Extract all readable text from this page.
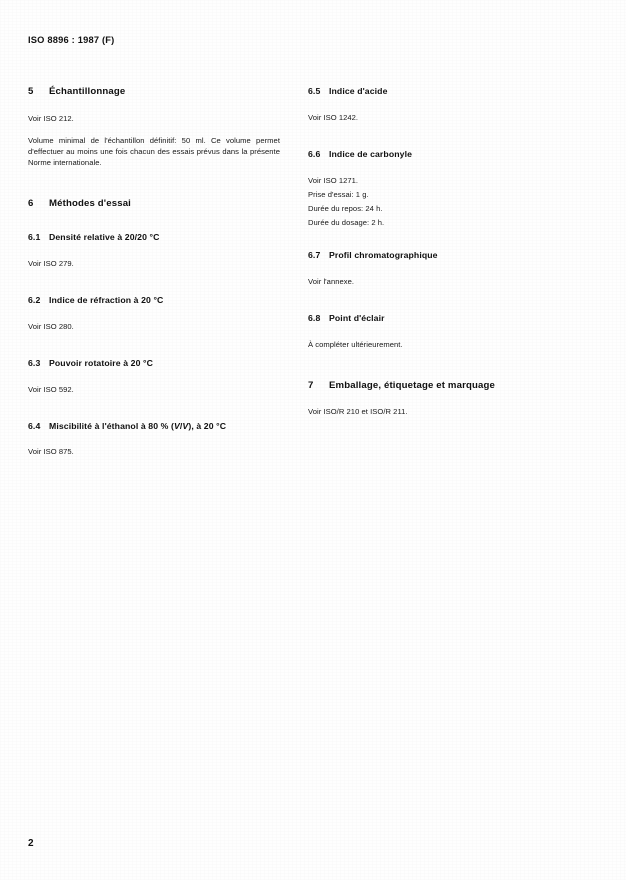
ISO 8896 : 1987 (F)
5	Échantillonnage

Voir ISO 212.

Volume minimal de l'échantillon définitif: 50 ml. Ce volume permet d'effectuer au moins une fois chacun des essais prévus dans la présente Norme internationale.

6	Méthodes d'essai
6.1 Densité relative à 20/20 °C

Voir ISO 279.

6.2 Indice de réfraction à 20 °C

Voir ISO 280.

6.3 Pouvoir rotatoire à 20 °C

Voir ISO 592.

6.4 Miscibilité à l'éthanol à 80 % (V/V), à 20 °C

Voir ISO 875.

6.5 Indice d'acide

Voir ISO 1242.

6.6 Indice de carbonyle

Voir ISO 1271.

Prise d'essai: 1 g.

Durée du repos: 24 h.

Durée du dosage: 2 h.

6.7 Profil chromatographique

Voir l'annexe.

6.8 Point d'éclair

À compléter ultérieurement.

7	Emballage, étiquetage et marquage

Voir ISO/R 210 et ISO/R 211.

2
